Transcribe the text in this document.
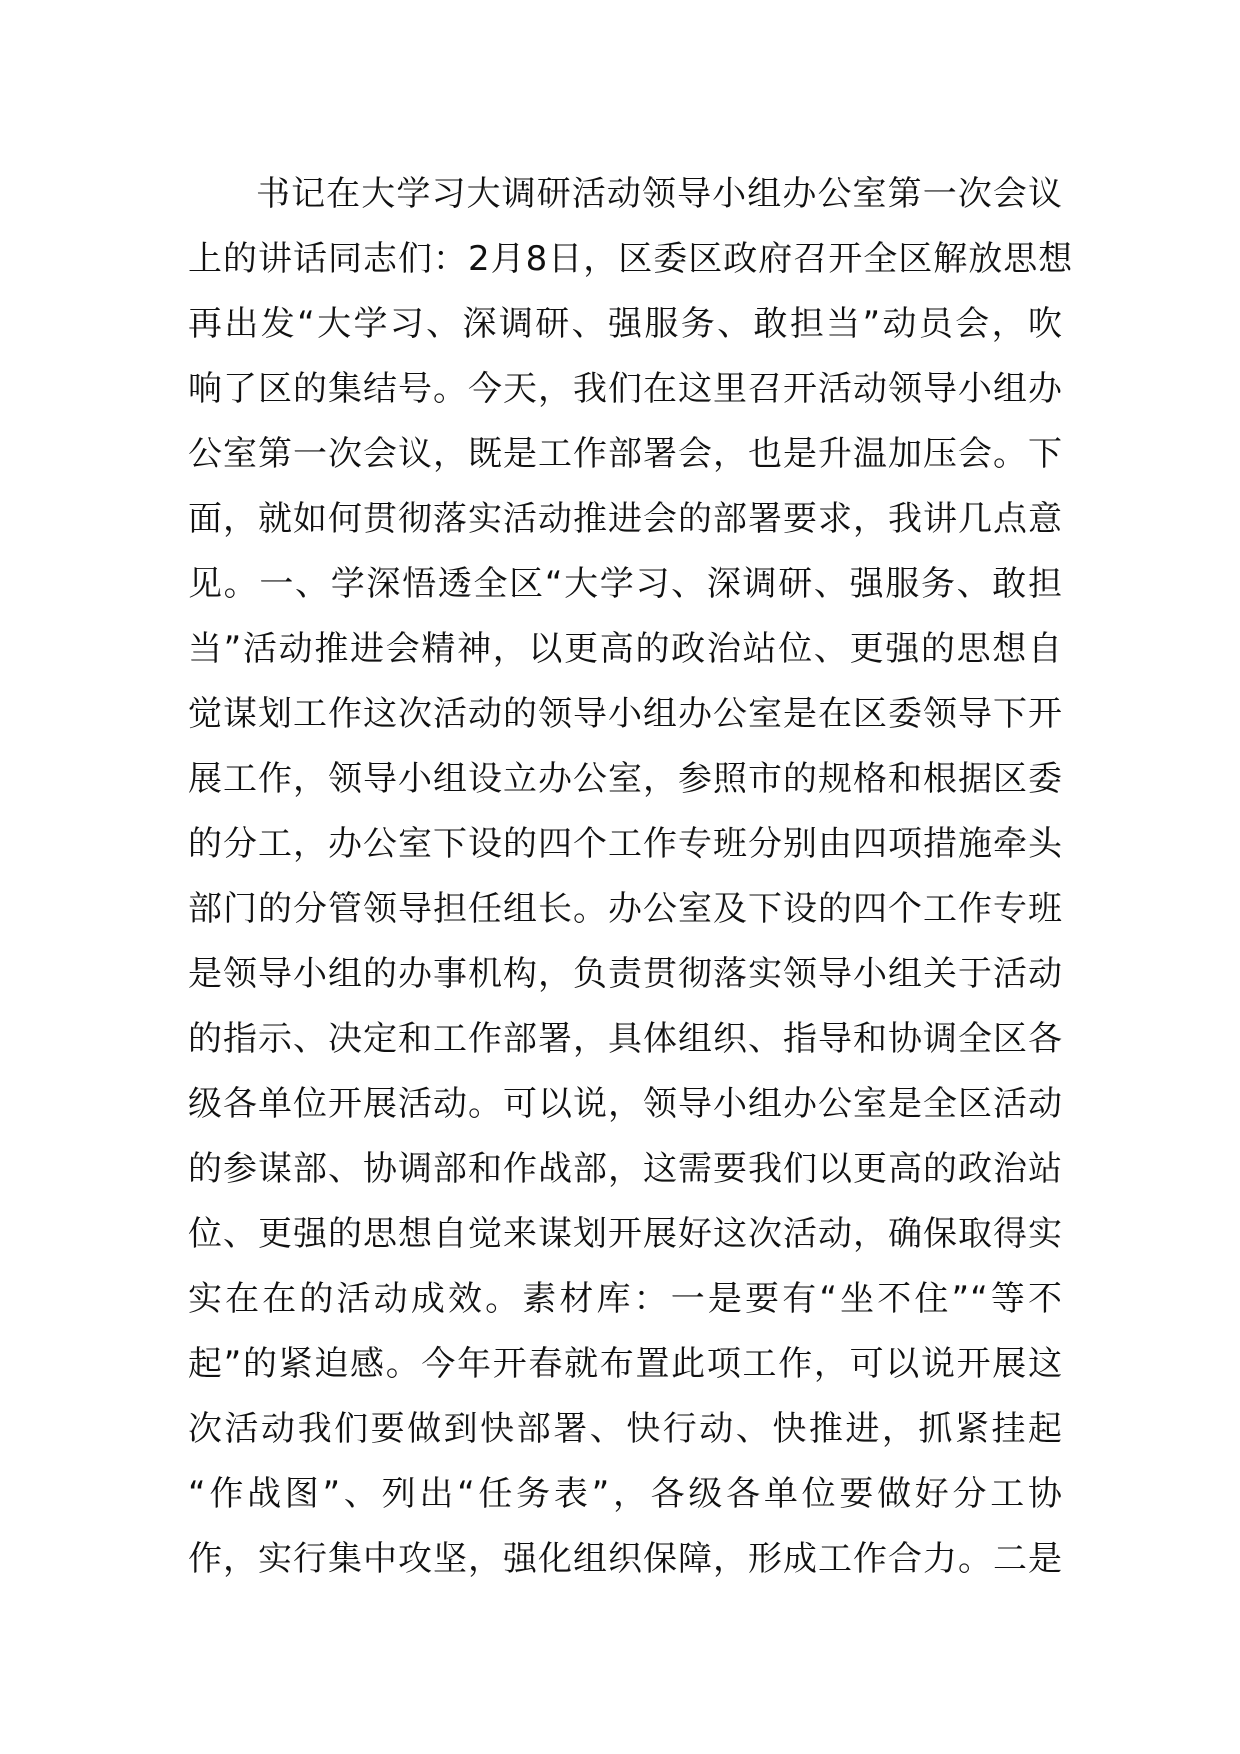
书记在大学习大调研活动领导小组办公室第一次会议
上的讲话同志们：2月8日，区委区政府召开全区解放思想
再出发“大学习、深调研、强服务、敢担当”动员会，吹
响了区的集结号。今天，我们在这里召开活动领导小组办
公室第一次会议，既是工作部署会，也是升温加压会。下
面，就如何贯彻落实活动推进会的部署要求，我讲几点意
见。一、学深悟透全区“大学习、深调研、强服务、敢担
当”活动推进会精神，以更高的政治站位、更强的思想自
觉谋划工作这次活动的领导小组办公室是在区委领导下开
展工作，领导小组设立办公室，参照市的规格和根据区委
的分工，办公室下设的四个工作专班分别由四项措施牵头
部门的分管领导担任组长。办公室及下设的四个工作专班
是领导小组的办事机构，负责贯彻落实领导小组关于活动
的指示、决定和工作部署，具体组织、指导和协调全区各
级各单位开展活动。可以说，领导小组办公室是全区活动
的参谋部、协调部和作战部，这需要我们以更高的政治站
位、更强的思想自觉来谋划开展好这次活动，确保取得实
实在在的活动成效。素材库：一是要有“坐不住”“等不
起”的紧迫感。今年开春就布置此项工作，可以说开展这
次活动我们要做到快部署、快行动、快推进，抓紧挂起
“作战图”、列出“任务表”，各级各单位要做好分工协
作，实行集中攻坚，强化组织保障，形成工作合力。二是
